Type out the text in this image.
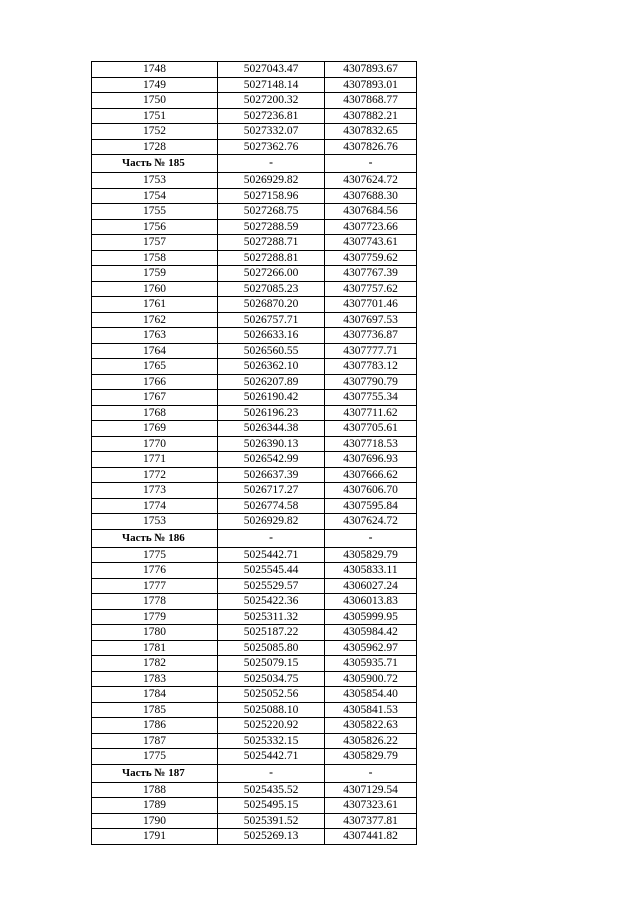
1748	5027043.47	4307893.67
1749	5027148.14	4307893.01
1750	5027200.32	4307868.77
1751	5027236.81	4307882.21
1752	5027332.07	4307832.65
1728	5027362.76	4307826.76
Часть № 185	-	-
1753	5026929.82	4307624.72
1754	5027158.96	4307688.30
1755	5027268.75	4307684.56
1756	5027288.59	4307723.66
1757	5027288.71	4307743.61
1758	5027288.81	4307759.62
1759	5027266.00	4307767.39
1760	5027085.23	4307757.62
1761	5026870.20	4307701.46
1762	5026757.71	4307697.53
1763	5026633.16	4307736.87
1764	5026560.55	4307777.71
1765	5026362.10	4307783.12
1766	5026207.89	4307790.79
1767	5026190.42	4307755.34
1768	5026196.23	4307711.62
1769	5026344.38	4307705.61
1770	5026390.13	4307718.53
1771	5026542.99	4307696.93
1772	5026637.39	4307666.62
1773	5026717.27	4307606.70
1774	5026774.58	4307595.84
1753	5026929.82	4307624.72
Часть № 186	-	-
1775	5025442.71	4305829.79
1776	5025545.44	4305833.11
1777	5025529.57	4306027.24
1778	5025422.36	4306013.83
1779	5025311.32	4305999.95
1780	5025187.22	4305984.42
1781	5025085.80	4305962.97
1782	5025079.15	4305935.71
1783	5025034.75	4305900.72
1784	5025052.56	4305854.40
1785	5025088.10	4305841.53
1786	5025220.92	4305822.63
1787	5025332.15	4305826.22
1775	5025442.71	4305829.79
Часть № 187	-	-
1788	5025435.52	4307129.54
1789	5025495.15	4307323.61
1790	5025391.52	4307377.81
1791	5025269.13	4307441.82
